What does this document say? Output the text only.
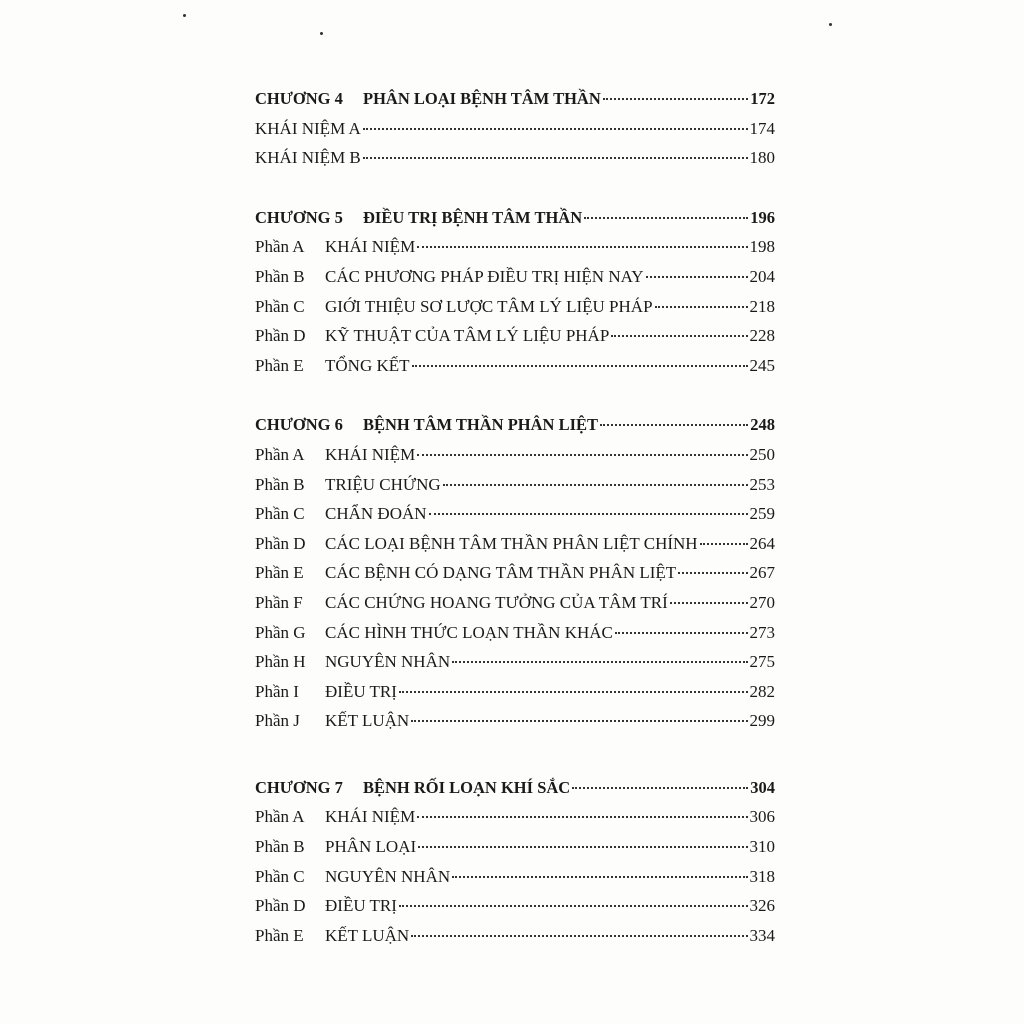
CHƯƠNG 4 PHÂN LOẠI BỆNH TÂM THẦN	172
KHÁI NIỆM A	174
KHÁI NIỆM B	180
CHƯƠNG 5 ĐIỀU TRỊ BỆNH TÂM THẦN	196
Phần A KHÁI NIỆM	198
Phần B CÁC PHƯƠNG PHÁP ĐIỀU TRỊ HIỆN NAY	204
Phần C GIỚI THIỆU SƠ LƯỢC TÂM LÝ LIỆU PHÁP	218
Phần D KỸ THUẬT CỦA TÂM LÝ LIỆU PHÁP	228
Phần E TỔNG KẾT	245
CHƯƠNG 6 BỆNH TÂM THẦN PHÂN LIỆT	248
Phần A KHÁI NIỆM	250
Phần B TRIỆU CHỨNG	253
Phần C CHẨN ĐOÁN	259
Phần D CÁC LOẠI BỆNH TÂM THẦN PHÂN LIỆT CHÍNH	264
Phần E CÁC BỆNH CÓ DẠNG TÂM THẦN PHÂN LIỆT	267
Phần F CÁC CHỨNG HOANG TƯỞNG CỦA TÂM TRÍ	270
Phần G CÁC HÌNH THỨC LOẠN THẦN KHÁC	273
Phần H NGUYÊN NHÂN	275
Phần I ĐIỀU TRỊ	282
Phần J KẾT LUẬN	299
CHƯƠNG 7 BỆNH RỐI LOẠN KHÍ SẮC	304
Phần A KHÁI NIỆM	306
Phần B PHÂN LOẠI	310
Phần C NGUYÊN NHÂN	318
Phần D ĐIỀU TRỊ	326
Phần E KẾT LUẬN	334
